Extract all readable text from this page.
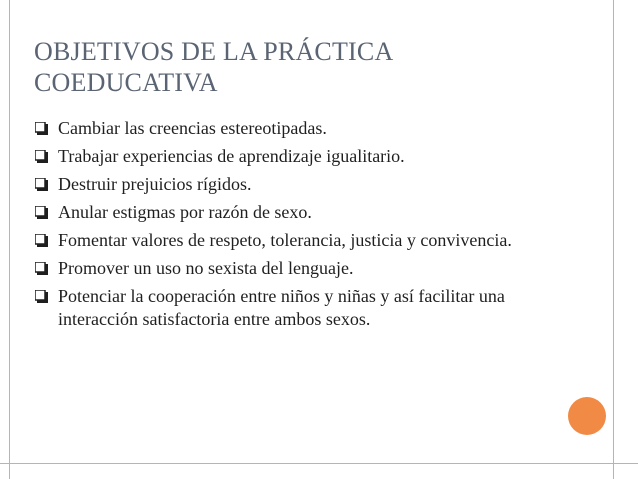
OBJETIVOS DE LA PRÁCTICA
COEDUCATIVA
Cambiar las creencias estereotipadas.
Trabajar experiencias de aprendizaje igualitario.
Destruir prejuicios rígidos.
Anular estigmas por razón de sexo.
Fomentar valores de respeto, tolerancia, justicia y convivencia.
Promover un uso no sexista del lenguaje.
Potenciar la cooperación entre niños y niñas y así facilitar una interacción satisfactoria entre ambos sexos.
